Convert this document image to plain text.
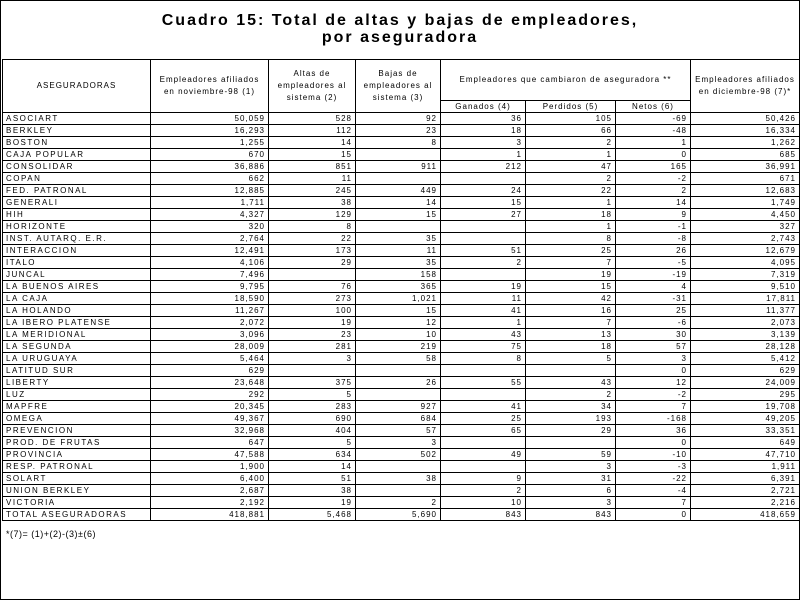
Cuadro 15: Total de altas y bajas de empleadores,
por aseguradora
ASEGURADORAS	Empleadores afiliados en noviembre-98 (1)	Altas de empleadores al sistema (2)	Bajas de empleadores al sistema (3)	Empleadores que cambiaron de aseguradora **			Empleadores afiliados en diciembre-98 (7)*
				Ganados (4)	Perdidos (5)	Netos (6)	
ASOCIART	50,059	528	92	36	105	-69	50,426
BERKLEY	16,293	112	23	18	66	-48	16,334
BOSTON	1,255	14	8	3	2	1	1,262
CAJA POPULAR	670	15		1	1	0	685
CONSOLIDAR	36,886	851	911	212	47	165	36,991
COPAN	662	11			2	-2	671
FED. PATRONAL	12,885	245	449	24	22	2	12,683
GENERALI	1,711	38	14	15	1	14	1,749
HIH	4,327	129	15	27	18	9	4,450
HORIZONTE	320	8			1	-1	327
INST. AUTARQ. E.R.	2,764	22	35		8	-8	2,743
INTERACCION	12,491	173	11	51	25	26	12,679
ITALO	4,106	29	35	2	7	-5	4,095
JUNCAL	7,496		158		19	-19	7,319
LA BUENOS AIRES	9,795	76	365	19	15	4	9,510
LA CAJA	18,590	273	1,021	11	42	-31	17,811
LA HOLANDO	11,267	100	15	41	16	25	11,377
LA IBERO PLATENSE	2,072	19	12	1	7	-6	2,073
LA MERIDIONAL	3,096	23	10	43	13	30	3,139
LA SEGUNDA	28,009	281	219	75	18	57	28,128
LA URUGUAYA	5,464	3	58	8	5	3	5,412
LATITUD SUR	629					0	629
LIBERTY	23,648	375	26	55	43	12	24,009
LUZ	292	5			2	-2	295
MAPFRE	20,345	283	927	41	34	7	19,708
OMEGA	49,367	690	684	25	193	-168	49,205
PREVENCION	32,968	404	57	65	29	36	33,351
PROD. DE FRUTAS	647	5	3			0	649
PROVINCIA	47,588	634	502	49	59	-10	47,710
RESP. PATRONAL	1,900	14			3	-3	1,911
SOLART	6,400	51	38	9	31	-22	6,391
UNION BERKLEY	2,687	38		2	6	-4	2,721
VICTORIA	2,192	19	2	10	3	7	2,216
TOTAL ASEGURADORAS	418,881	5,468	5,690	843	843	0	418,659
*(7)= (1)+(2)-(3)±(6)
